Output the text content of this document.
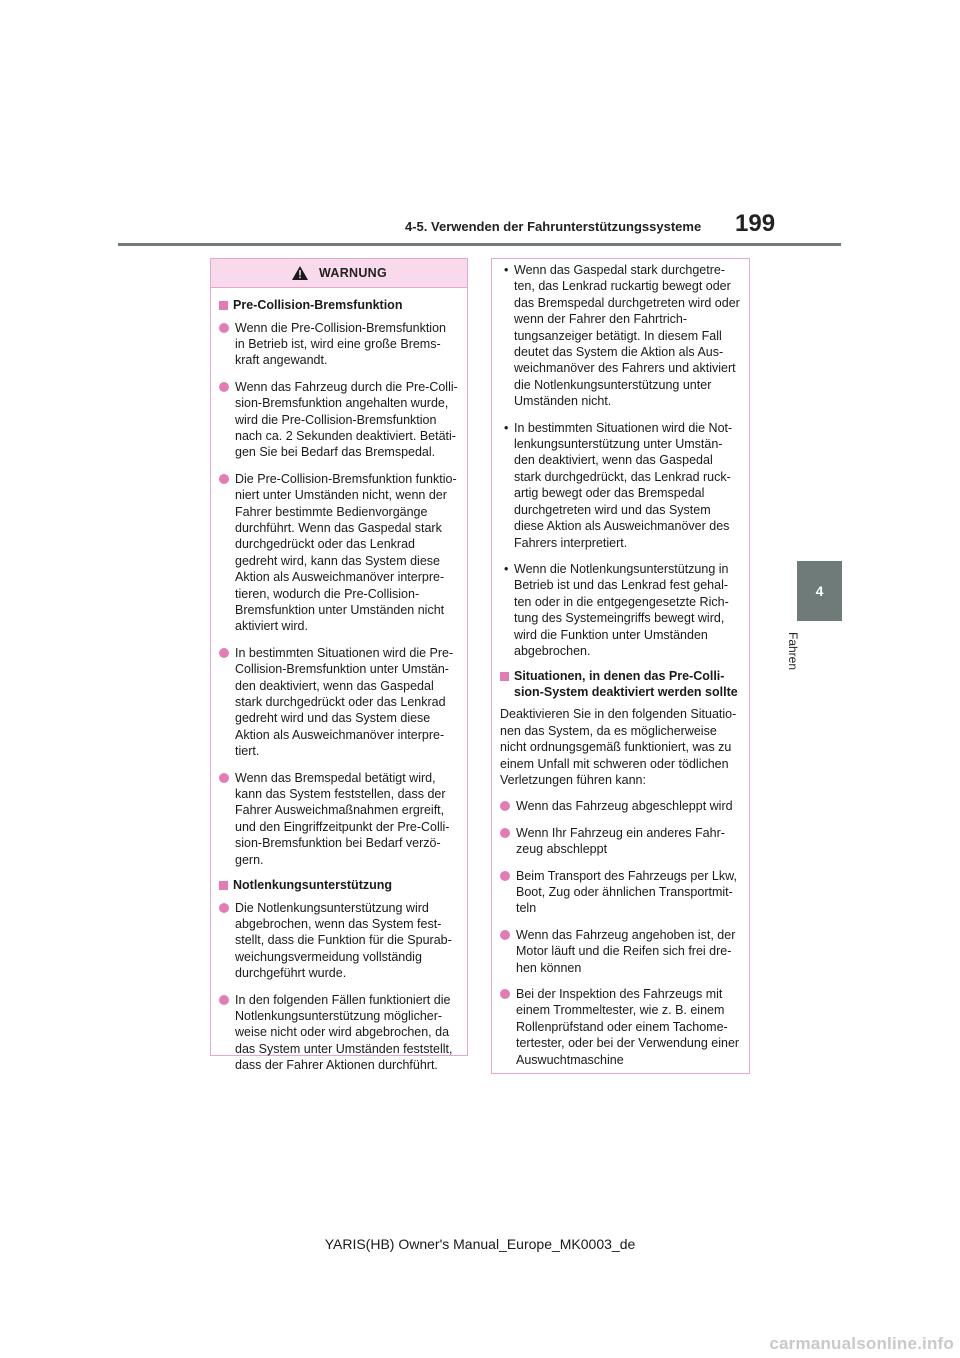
4-5. Verwenden der Fahrunterstützungssysteme 199
4
Fahren
WARNUNG
Pre-Collision-Bremsfunktion
Wenn die Pre-Collision-Bremsfunktion in Betrieb ist, wird eine große Brems-kraft angewandt.
Wenn das Fahrzeug durch die Pre-Colli-sion-Bremsfunktion angehalten wurde, wird die Pre-Collision-Bremsfunktion nach ca. 2 Sekunden deaktiviert. Betäti-gen Sie bei Bedarf das Bremspedal.
Die Pre-Collision-Bremsfunktion funktio-niert unter Umständen nicht, wenn der Fahrer bestimmte Bedienvorgänge durchführt. Wenn das Gaspedal stark durchgedrückt oder das Lenkrad gedreht wird, kann das System diese Aktion als Ausweichmanöver interpre-tieren, wodurch die Pre-Collision-Bremsfunktion unter Umständen nicht aktiviert wird.
In bestimmten Situationen wird die Pre-Collision-Bremsfunktion unter Umstän-den deaktiviert, wenn das Gaspedal stark durchgedrückt oder das Lenkrad gedreht wird und das System diese Aktion als Ausweichmanöver interpre-tiert.
Wenn das Bremspedal betätigt wird, kann das System feststellen, dass der Fahrer Ausweichmaßnahmen ergreift, und den Eingriffzeitpunkt der Pre-Colli-sion-Bremsfunktion bei Bedarf verzö-gern.
Notlenkungsunterstützung
Die Notlenkungsunterstützung wird abgebrochen, wenn das System fest-stellt, dass die Funktion für die Spurab-weichungsvermeidung vollständig durchgeführt wurde.
In den folgenden Fällen funktioniert die Notlenkungsunterstützung möglicher-weise nicht oder wird abgebrochen, da das System unter Umständen feststellt, dass der Fahrer Aktionen durchführt.
• Wenn das Gaspedal stark durchgetre-ten, das Lenkrad ruckartig bewegt oder das Bremspedal durchgetreten wird oder wenn der Fahrer den Fahrtrich-tungsanzeiger betätigt. In diesem Fall deutet das System die Aktion als Aus-weichmanöver des Fahrers und aktiviert die Notlenkungsunterstützung unter Umständen nicht.
• In bestimmten Situationen wird die Not-lenkungsunterstützung unter Umstän-den deaktiviert, wenn das Gaspedal stark durchgedrückt, das Lenkrad ruck-artig bewegt oder das Bremspedal durchgetreten wird und das System diese Aktion als Ausweichmanöver des Fahrers interpretiert.
• Wenn die Notlenkungsunterstützung in Betrieb ist und das Lenkrad fest gehal-ten oder in die entgegengesetzte Rich-tung des Systemeingriffs bewegt wird, wird die Funktion unter Umständen abgebrochen.
Situationen, in denen das Pre-Colli-sion-System deaktiviert werden sollte
Deaktivieren Sie in den folgenden Situatio-nen das System, da es möglicherweise nicht ordnungsgemäß funktioniert, was zu einem Unfall mit schweren oder tödlichen Verletzungen führen kann:
Wenn das Fahrzeug abgeschleppt wird
Wenn Ihr Fahrzeug ein anderes Fahr-zeug abschleppt
Beim Transport des Fahrzeugs per Lkw, Boot, Zug oder ähnlichen Transportmit-teln
Wenn das Fahrzeug angehoben ist, der Motor läuft und die Reifen sich frei dre-hen können
Bei der Inspektion des Fahrzeugs mit einem Trommeltester, wie z. B. einem Rollenprüfstand oder einem Tachome-tertester, oder bei der Verwendung einer Auswuchtmaschine
YARIS(HB) Owner's Manual_Europe_MK0003_de
carmanualsonline.info
